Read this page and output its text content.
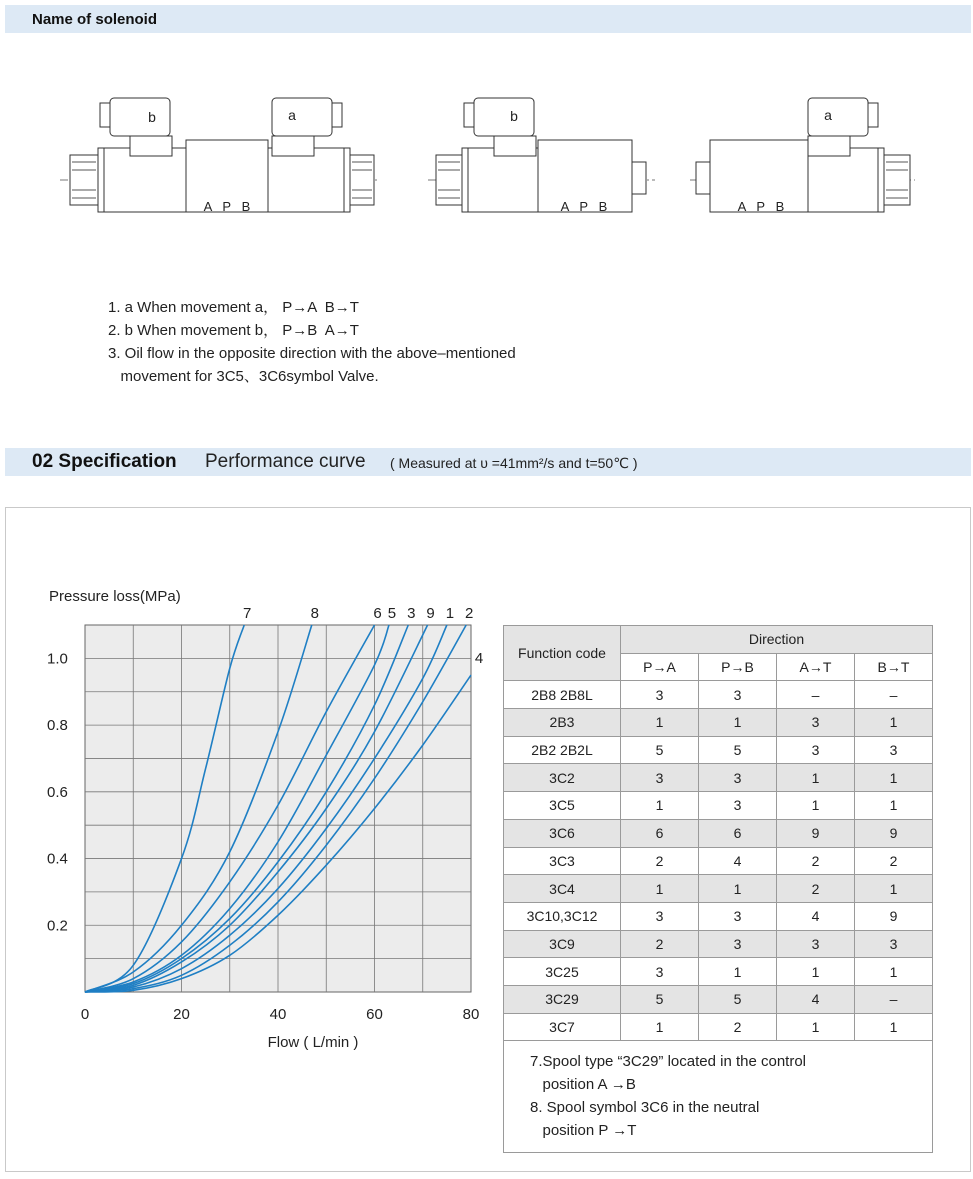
Name of solenoid
b	a	b	a
A   P   B	A   P   B	A   P   B
1. a When movement a， P→A  B→T
2. b When movement b， P→B  A→T
3. Oil flow in the opposite direction with the above–mentioned
movement for 3C5、3C6symbol Valve.
02 Specification Performance curve ( Measured at υ =41mm²/s and t=50℃ )
Pressure loss(MPa)
Flow ( L/min )
0	20	40	60	80
0.2
0.4
0.6
0.8
1.0
7	8	6 5 3 9 1 2
4 Function code	Direction			
	P→A	P→B	A→T	B→T
2B8 2B8L	3	3	–	–
2B3	1	1	3	1
2B2 2B2L	5	5	3	3
3C2	3	3	1	1
3C5	1	3	1	1
3C6	6	6	9	9
3C3	2	4	2	2
3C4	1	1	2	1
3C10,3C12	3	3	4	9
3C9	2	3	3	3
3C25	3	1	1	1
3C29	5	5	4	–
3C7	1	2	1	1
7.Spool type “3C29” located in the control
position A →B
8. Spool symbol 3C6 in the neutral
position P →T
